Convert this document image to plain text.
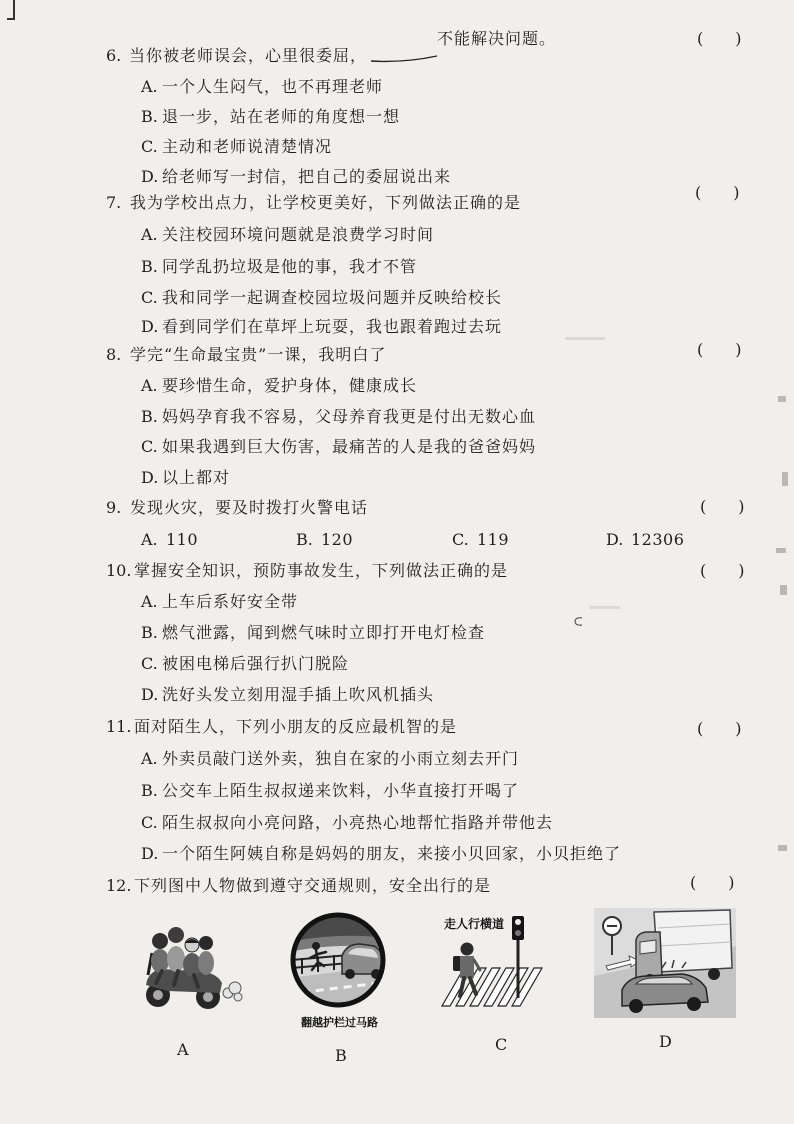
6. 当你被老师误会，心里很委屈，
不能解决问题。	(　　)
A. 一个人生闷气，也不再理老师
B. 退一步，站在老师的角度想一想
C. 主动和老师说清楚情况
D. 给老师写一封信，把自己的委屈说出来
7. 我为学校出点力，让学校更美好，下列做法正确的是
(　　)
A. 关注校园环境问题就是浪费学习时间
B. 同学乱扔垃圾是他的事，我才不管
C. 我和同学一起调查校园垃圾问题并反映给校长
D. 看到同学们在草坪上玩耍，我也跟着跑过去玩
8. 学完“生命最宝贵”一课，我明白了	(　　)
A. 要珍惜生命，爱护身体，健康成长
B. 妈妈孕育我不容易，父母养育我更是付出无数心血
C. 如果我遇到巨大伤害，最痛苦的人是我的爸爸妈妈
D. 以上都对
9. 发现火灾，要及时拨打火警电话	(　　)
A. 110	B. 120	C. 119	D. 12306
10. 掌握安全知识，预防事故发生，下列做法正确的是	(　　)
A. 上车后系好安全带
B. 燃气泄露，闻到燃气味时立即打开电灯检查
C. 被困电梯后强行扒门脱险
D. 洗好头发立刻用湿手插上吹风机插头
11. 面对陌生人，下列小朋友的反应最机智的是	(　　)
A. 外卖员敲门送外卖，独自在家的小雨立刻去开门
B. 公交车上陌生叔叔递来饮料，小华直接打开喝了
C. 陌生叔叔向小亮问路，小亮热心地帮忙指路并带他去
D. 一个陌生阿姨自称是妈妈的朋友，来接小贝回家，小贝拒绝了
12. 下列图中人物做到遵守交通规则，安全出行的是	(　　)
翻越护栏过马路
走人行横道
A	B
C	D
